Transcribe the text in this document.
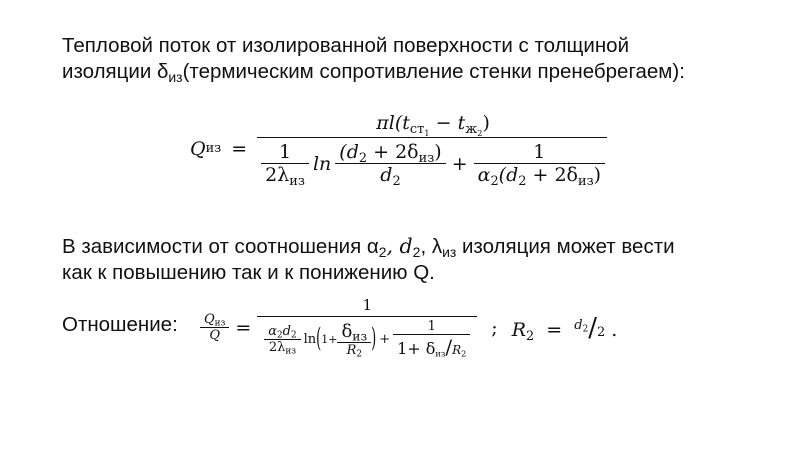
Тепловой поток от изолированной поверхности с толщиной
изоляции $\delta_{из}(термическим$ сопротивление стенки пренебрегаем):
Q из =
$\pi l(t_{ст_1} - t_{ж_2})$
$\frac{1}{2\lambda_{из}}$ $\ln \frac{(d_2 + 2\delta_{из})}{d_2} + \frac{1}{\alpha_2(d_2 + 2\delta_{из})}$
В зависимости от соотношения $\alpha_2$, $d_2$, $\lambda_{из}$ изоляция может вести
как к повышению так и к понижению Q.
Отношение: $\frac{Q_{из}}{Q}$ =
1
$\frac{\alpha_2d_2}{2\lambda_{из}}$ ln ( $1+ \frac{\delta_{из}}{R_2}$ ) + $\frac{1}{1+ \delta_{из}/R_2}$ ; $R_2 = ^{d_2}/2$ .
